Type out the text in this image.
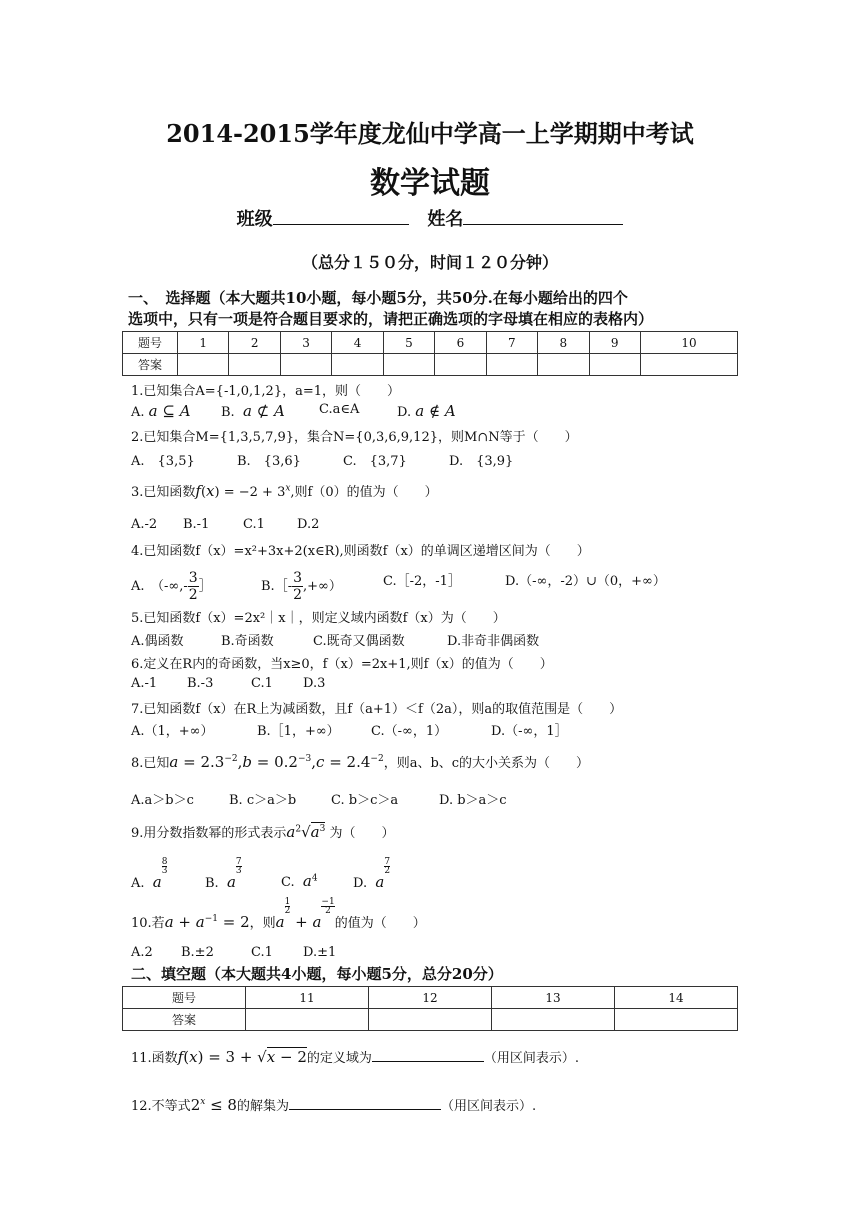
2014-2015学年度龙仙中学高一上学期期中考试
数学试题
班级	姓名
（总分１５０分，时间１２０分钟）
一、　选择题（本大题共10小题，每小题5分，共50分.在每小题给出的四个
选项中，只有一项是符合题目要求的，请把正确选项的字母填在相应的表格内）
题号	1	2	3	4	5	6	7	8	9	10
答案										
1.已知集合A={-1,0,1,2}，a=1，则（　　）
A. a ⊆ A B. a ⊄ A	C.a∈A	D. a ∉ A
2.已知集合M={1,3,5,7,9}，集合N={0,3,6,9,12}，则M∩N等于（　　）
A.　{3,5}	B.　{3,6}	C.　{3,7}	D.　{3,9}
3.已知函数$f(x) = -2 + 3^x$,则f（0）的值为（　　）
A.-2 B.-1	C.1 D.2
4.已知函数f（x）=x²+3x+2(x∈R),则函数f（x）的单调区递增区间为（　　）
A.　（-∞,- $\frac{3}{2}$ ］	B.［- $\frac{3}{2}$ ,+∞）	C.［-2，-1］	D.（-∞，-2）∪（0，+∞）
5.已知函数f（x）=2x²｜x｜，则定义域内函数f（x）为（　　）
A.偶函数	B.奇函数	C.既奇又偶函数	D.非奇非偶函数
6.定义在R内的奇函数，当x≥0，f（x）=2x+1,则f（x）的值为（　　）
A.-1 B.-3	C.1 D.3
7.已知函数f（x）在R上为减函数，且f（a+1）＜f（2a），则a的取值范围是（　　）
A.（1，+∞）	B.［1，+∞） C.（-∞，1）	D.（-∞，1］
8.已知$a = 2.3^{-2},b = 0.2^{-3},c = 2.4^{-2}$，则a、b、c的大小关系为（　　）
A.a＞b＞c	B. c＞a＞b	C. b＞c＞a	D. b＞a＞c
9.用分数指数幂的形式表示$a^2√a^3$ 为（　　）
A. a
$\frac{8}{3}$
B. a
$\frac{7}{3}$
C. $a^4$	D. a
$\frac{7}{2}$
10.若$a + a^{-1} = 2$，则a
$\frac{1}{2}$
+ a
$\frac{-1}{2}$
的值为（　　）
A.2 B.±2	C.1 D.±1
二、填空题（本大题共4小题，每小题5分，总分20分）
题号	11	12	13	14
答案				
11.函数f(x) = 3 + √x − 2的定义域为	（用区间表示）.
12.不等式$2^x \le 8$的解集为	（用区间表示）.
